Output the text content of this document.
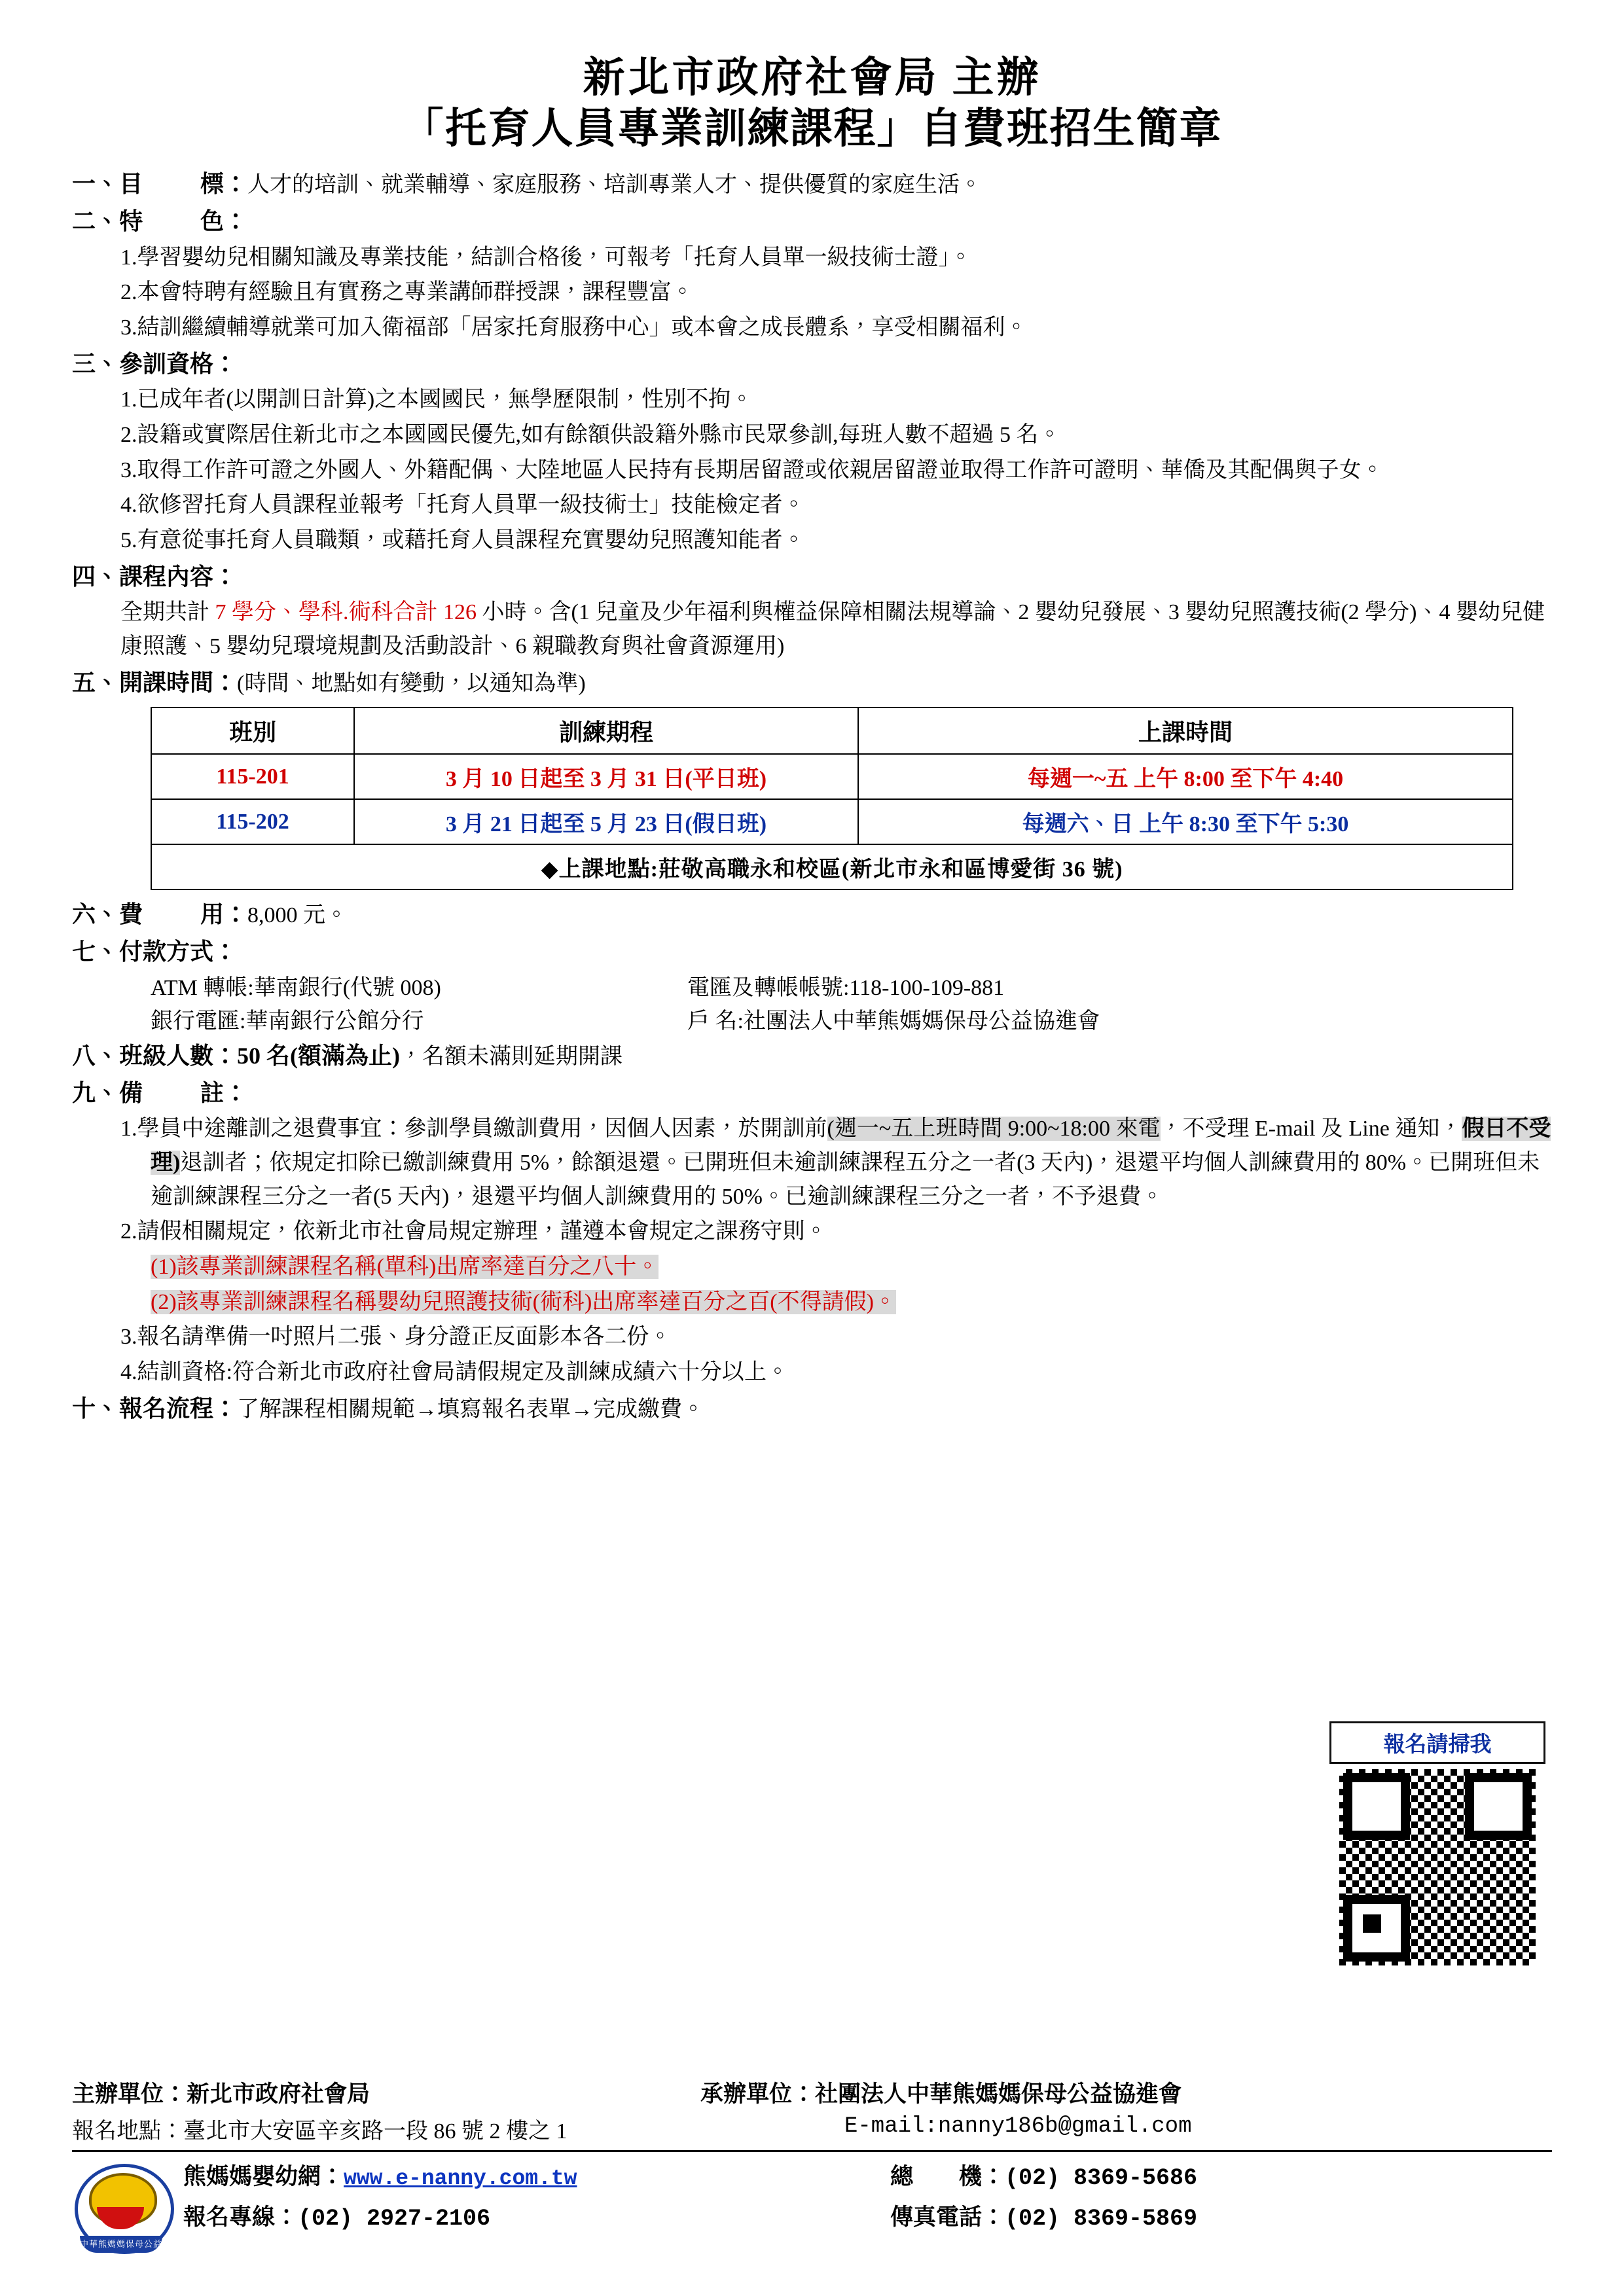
新北市政府社會局 主辦
「托育人員專業訓練課程」自費班招生簡章
一、目 標：人才的培訓、就業輔導、家庭服務、培訓專業人才、提供優質的家庭生活。
二、特 色：
1.學習嬰幼兒相關知識及專業技能，結訓合格後，可報考「托育人員單一級技術士證」。
2.本會特聘有經驗且有實務之專業講師群授課，課程豐富。
3.結訓繼續輔導就業可加入衛福部「居家托育服務中心」或本會之成長體系，享受相關福利。
三、參訓資格：
1.已成年者(以開訓日計算)之本國國民，無學歷限制，性別不拘。
2.設籍或實際居住新北市之本國國民優先,如有餘額供設籍外縣市民眾參訓,每班人數不超過 5 名。
3.取得工作許可證之外國人、外籍配偶、大陸地區人民持有長期居留證或依親居留證並取得工作許可證明、華僑及其配偶與子女。
4.欲修習托育人員課程並報考「托育人員單一級技術士」技能檢定者。
5.有意從事托育人員職類，或藉托育人員課程充實嬰幼兒照護知能者。
四、課程內容：
全期共計 7 學分、學科.術科合計 126 小時。含(1 兒童及少年福利與權益保障相關法規導論、2 嬰幼兒發展、3 嬰幼兒照護技術(2 學分)、4 嬰幼兒健康照護、5 嬰幼兒環境規劃及活動設計、6 親職教育與社會資源運用)
五、開課時間：(時間、地點如有變動，以通知為準)
班別	訓練期程	上課時間
115-201	3 月 10 日起至 3 月 31 日(平日班)	每週一~五 上午 8:00 至下午 4:40
115-202	3 月 21 日起至 5 月 23 日(假日班)	每週六、日 上午 8:30 至下午 5:30
◆上課地點:莊敬高職永和校區(新北市永和區博愛街 36 號)		
六、費 用：8,000 元。
七、付款方式：
ATM 轉帳:華南銀行(代號 008)	電匯及轉帳帳號:118-100-109-881
銀行電匯:華南銀行公館分行	戶 名:社團法人中華熊媽媽保母公益協進會
八、班級人數：50 名(額滿為止)，名額未滿則延期開課
九、備 註：
1.學員中途離訓之退費事宜：參訓學員繳訓費用，因個人因素，於開訓前(週一~五上班時間 9:00~18:00 來電，不受理 E-mail 及 Line 通知，假日不受理)退訓者；依規定扣除已繳訓練費用 5%，餘額退還。已開班但未逾訓練課程五分之一者(3 天內)，退還平均個人訓練費用的 80%。已開班但未逾訓練課程三分之一者(5 天內)，退還平均個人訓練費用的 50%。已逾訓練課程三分之一者，不予退費。
2.請假相關規定，依新北市社會局規定辦理，謹遵本會規定之課務守則。
(1)該專業訓練課程名稱(單科)出席率達百分之八十。
(2)該專業訓練課程名稱嬰幼兒照護技術(術科)出席率達百分之百(不得請假)。
3.報名請準備一吋照片二張、身分證正反面影本各二份。
4.結訓資格:符合新北市政府社會局請假規定及訓練成績六十分以上。
十、報名流程：了解課程相關規範→填寫報名表單→完成繳費。
報名請掃我
主辦單位：新北市政府社會局	承辦單位：社團法人中華熊媽媽保母公益協進會
報名地點：臺北市大安區辛亥路一段 86 號 2 樓之 1	E-mail:nanny186b@gmail.com
中華熊媽媽保母公益協進會
熊媽媽嬰幼網：www.e-nanny.com.tw	總　　機：(02) 8369-5686
報名專線：(02) 2927-2106	傳真電話：(02) 8369-5869
